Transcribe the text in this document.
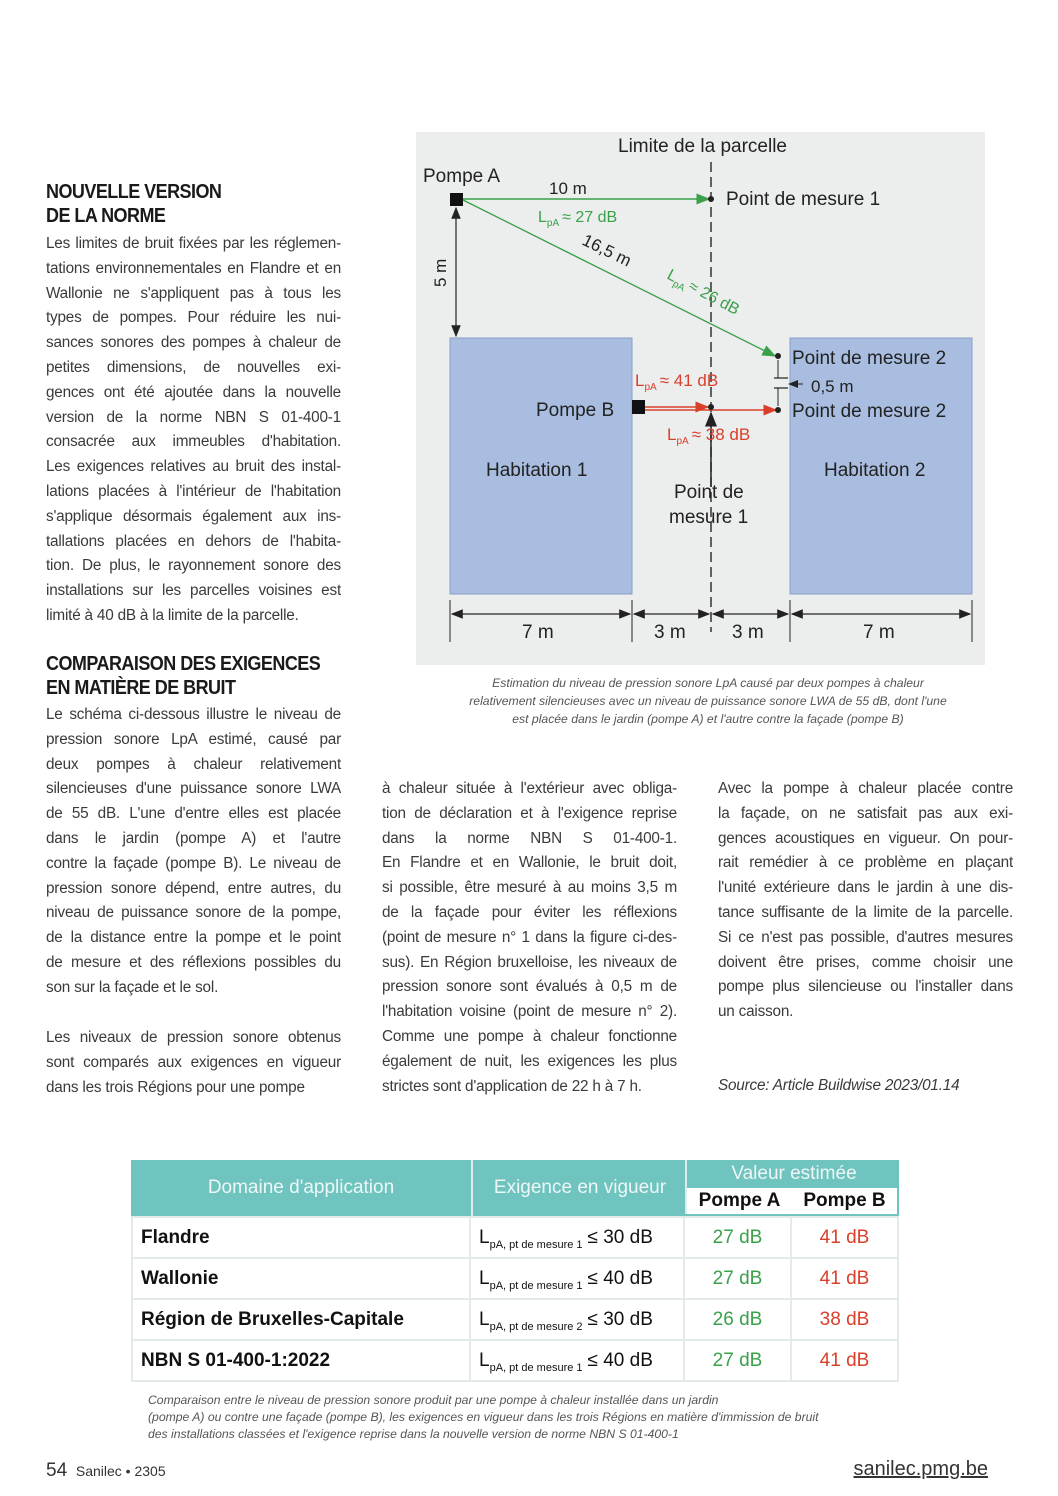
NOUVELLE VERSION
DE LA NORME
Les limites de bruit fixées par les réglemen-
tations environnementales en Flandre et en
Wallonie ne s'appliquent pas à tous les
types de pompes. Pour réduire les nui-
sances sonores des pompes à chaleur de
petites dimensions, de nouvelles exi-
gences ont été ajoutée dans la nouvelle
version de la norme NBN S 01-400-1
consacrée aux immeubles d'habitation.
Les exigences relatives au bruit des instal-
lations placées à l'intérieur de l'habitation
s'applique désormais également aux ins-
tallations placées en dehors de l'habita-
tion. De plus, le rayonnement sonore des
installations sur les parcelles voisines est
limité à 40 dB à la limite de la parcelle.
COMPARAISON DES EXIGENCES
EN MATIÈRE DE BRUIT
Le schéma ci-dessous illustre le niveau de
pression sonore LpA estimé, causé par
deux pompes à chaleur relativement
silencieuses d'une puissance sonore LWA
de 55 dB. L'une d'entre elles est placée
dans le jardin (pompe A) et l'autre
contre la façade (pompe B). Le niveau de
pression sonore dépend, entre autres, du
niveau de puissance sonore de la pompe,
de la distance entre la pompe et le point
de mesure et des réflexions possibles du
son sur la façade et le sol.
Les niveaux de pression sonore obtenus
sont comparés aux exigences en vigueur
dans les trois Régions pour une pompe
à chaleur située à l'extérieur avec obliga-
tion de déclaration et à l'exigence reprise
dans la norme NBN S 01-400-1.
En Flandre et en Wallonie, le bruit doit,
si possible, être mesuré à au moins 3,5 m
de la façade pour éviter les réflexions
(point de mesure n° 1 dans la figure ci-des-
sus). En Région bruxelloise, les niveaux de
pression sonore sont évalués à 0,5 m de
l'habitation voisine (point de mesure n° 2).
Comme une pompe à chaleur fonctionne
également de nuit, les exigences les plus
strictes sont d'application de 22 h à 7 h.
Avec la pompe à chaleur placée contre
la façade, on ne satisfait pas aux exi-
gences acoustiques en vigueur. On pour-
rait remédier à ce problème en plaçant
l'unité extérieure dans le jardin à une dis-
tance suffisante de la limite de la parcelle.
Si ce n'est pas possible, d'autres mesures
doivent être prises, comme choisir une
pompe plus silencieuse ou l'installer dans
un caisson.
Source: Article Buildwise 2023/01.14
Limite de la parcelle
Pompe A
10 m
Point de mesure 1
$L_{pA} \approx 27$ dB
16,5 m
$L_{pA}\approx 26$ dB
5 m
Point de mesure 2
0,5 m
Point de mesure 2
$L_{pA} \approx 41$ dB
$L_{pA} \approx 38$ dB
Pompe B
Habitation 1	Habitation 2
Point de
mesure 1
7 m	3 m 3 m	7 m
Estimation du niveau de pression sonore LpA causé par deux pompes à chaleur
relativement silencieuses avec un niveau de puissance sonore LWA de 55 dB, dont l'une
est placée dans le jardin (pompe A) et l'autre contre la façade (pompe B)
Domaine d'application	Exigence en vigueur
Valeur estimée
Pompe A	Pompe B
Flandre	L pA, pt de mesure 1 ≤ 30 dB	27 dB	41 dB
Wallonie	L pA, pt de mesure 1 ≤ 40 dB	27 dB	41 dB
Région de Bruxelles-Capitale	L pA, pt de mesure 2 ≤ 30 dB	26 dB	38 dB
NBN S 01-400-1:2022	L pA, pt de mesure 1 ≤ 40 dB	27 dB	41 dB
Comparaison entre le niveau de pression sonore produit par une pompe à chaleur installée dans un jardin
(pompe A) ou contre une façade (pompe B), les exigences en vigueur dans les trois Régions en matière d'immission de bruit
des installations classées et l'exigence reprise dans la nouvelle version de norme NBN S 01-400-1
54 Sanilec • 2305	sanilec.pmg.be
